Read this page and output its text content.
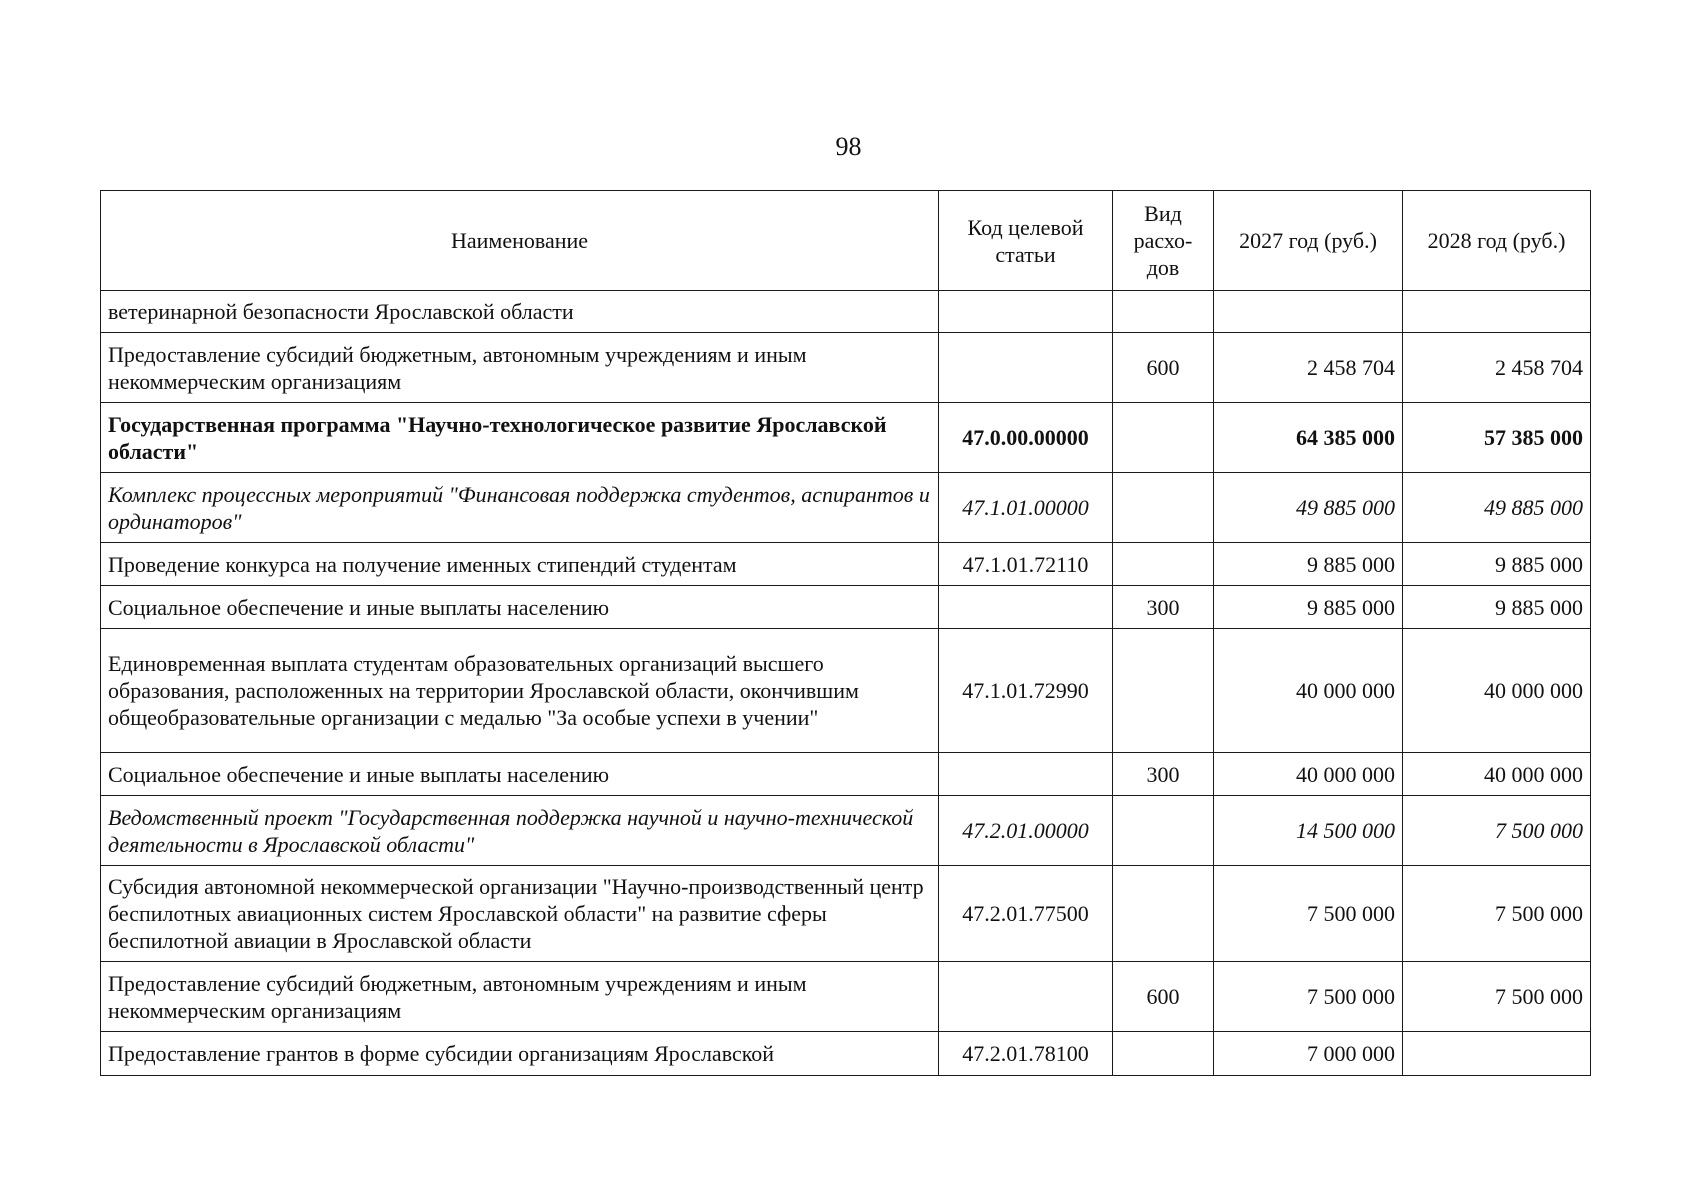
98
Наименование	Код целевой статьи	Вид расхо-дов	2027 год (руб.)	2028 год (руб.)
ветеринарной безопасности Ярославской области				
Предоставление субсидий бюджетным, автономным учреждениям и иным некоммерческим организациям		600	2 458 704	2 458 704
Государственная программа "Научно-технологическое развитие Ярославской области"	47.0.00.00000		64 385 000	57 385 000
Комплекс процессных мероприятий "Финансовая поддержка студентов, аспирантов и ординаторов"	47.1.01.00000		49 885 000	49 885 000
Проведение конкурса на получение именных стипендий студентам	47.1.01.72110		9 885 000	9 885 000
Социальное обеспечение и иные выплаты населению		300	9 885 000	9 885 000
Единовременная выплата студентам образовательных организаций высшего образования, расположенных на территории Ярославской области, окончившим общеобразовательные организации с медалью "За особые успехи в учении"	47.1.01.72990		40 000 000	40 000 000
Социальное обеспечение и иные выплаты населению		300	40 000 000	40 000 000
Ведомственный проект "Государственная поддержка научной и научно-технической деятельности в Ярославской области"	47.2.01.00000		14 500 000	7 500 000
Субсидия автономной некоммерческой организации "Научно-производственный центр беспилотных авиационных систем Ярославской области" на развитие сферы беспилотной авиации в Ярославской области	47.2.01.77500		7 500 000	7 500 000
Предоставление субсидий бюджетным, автономным учреждениям и иным некоммерческим организациям		600	7 500 000	7 500 000
Предоставление грантов в форме субсидии организациям Ярославской	47.2.01.78100		7 000 000	
